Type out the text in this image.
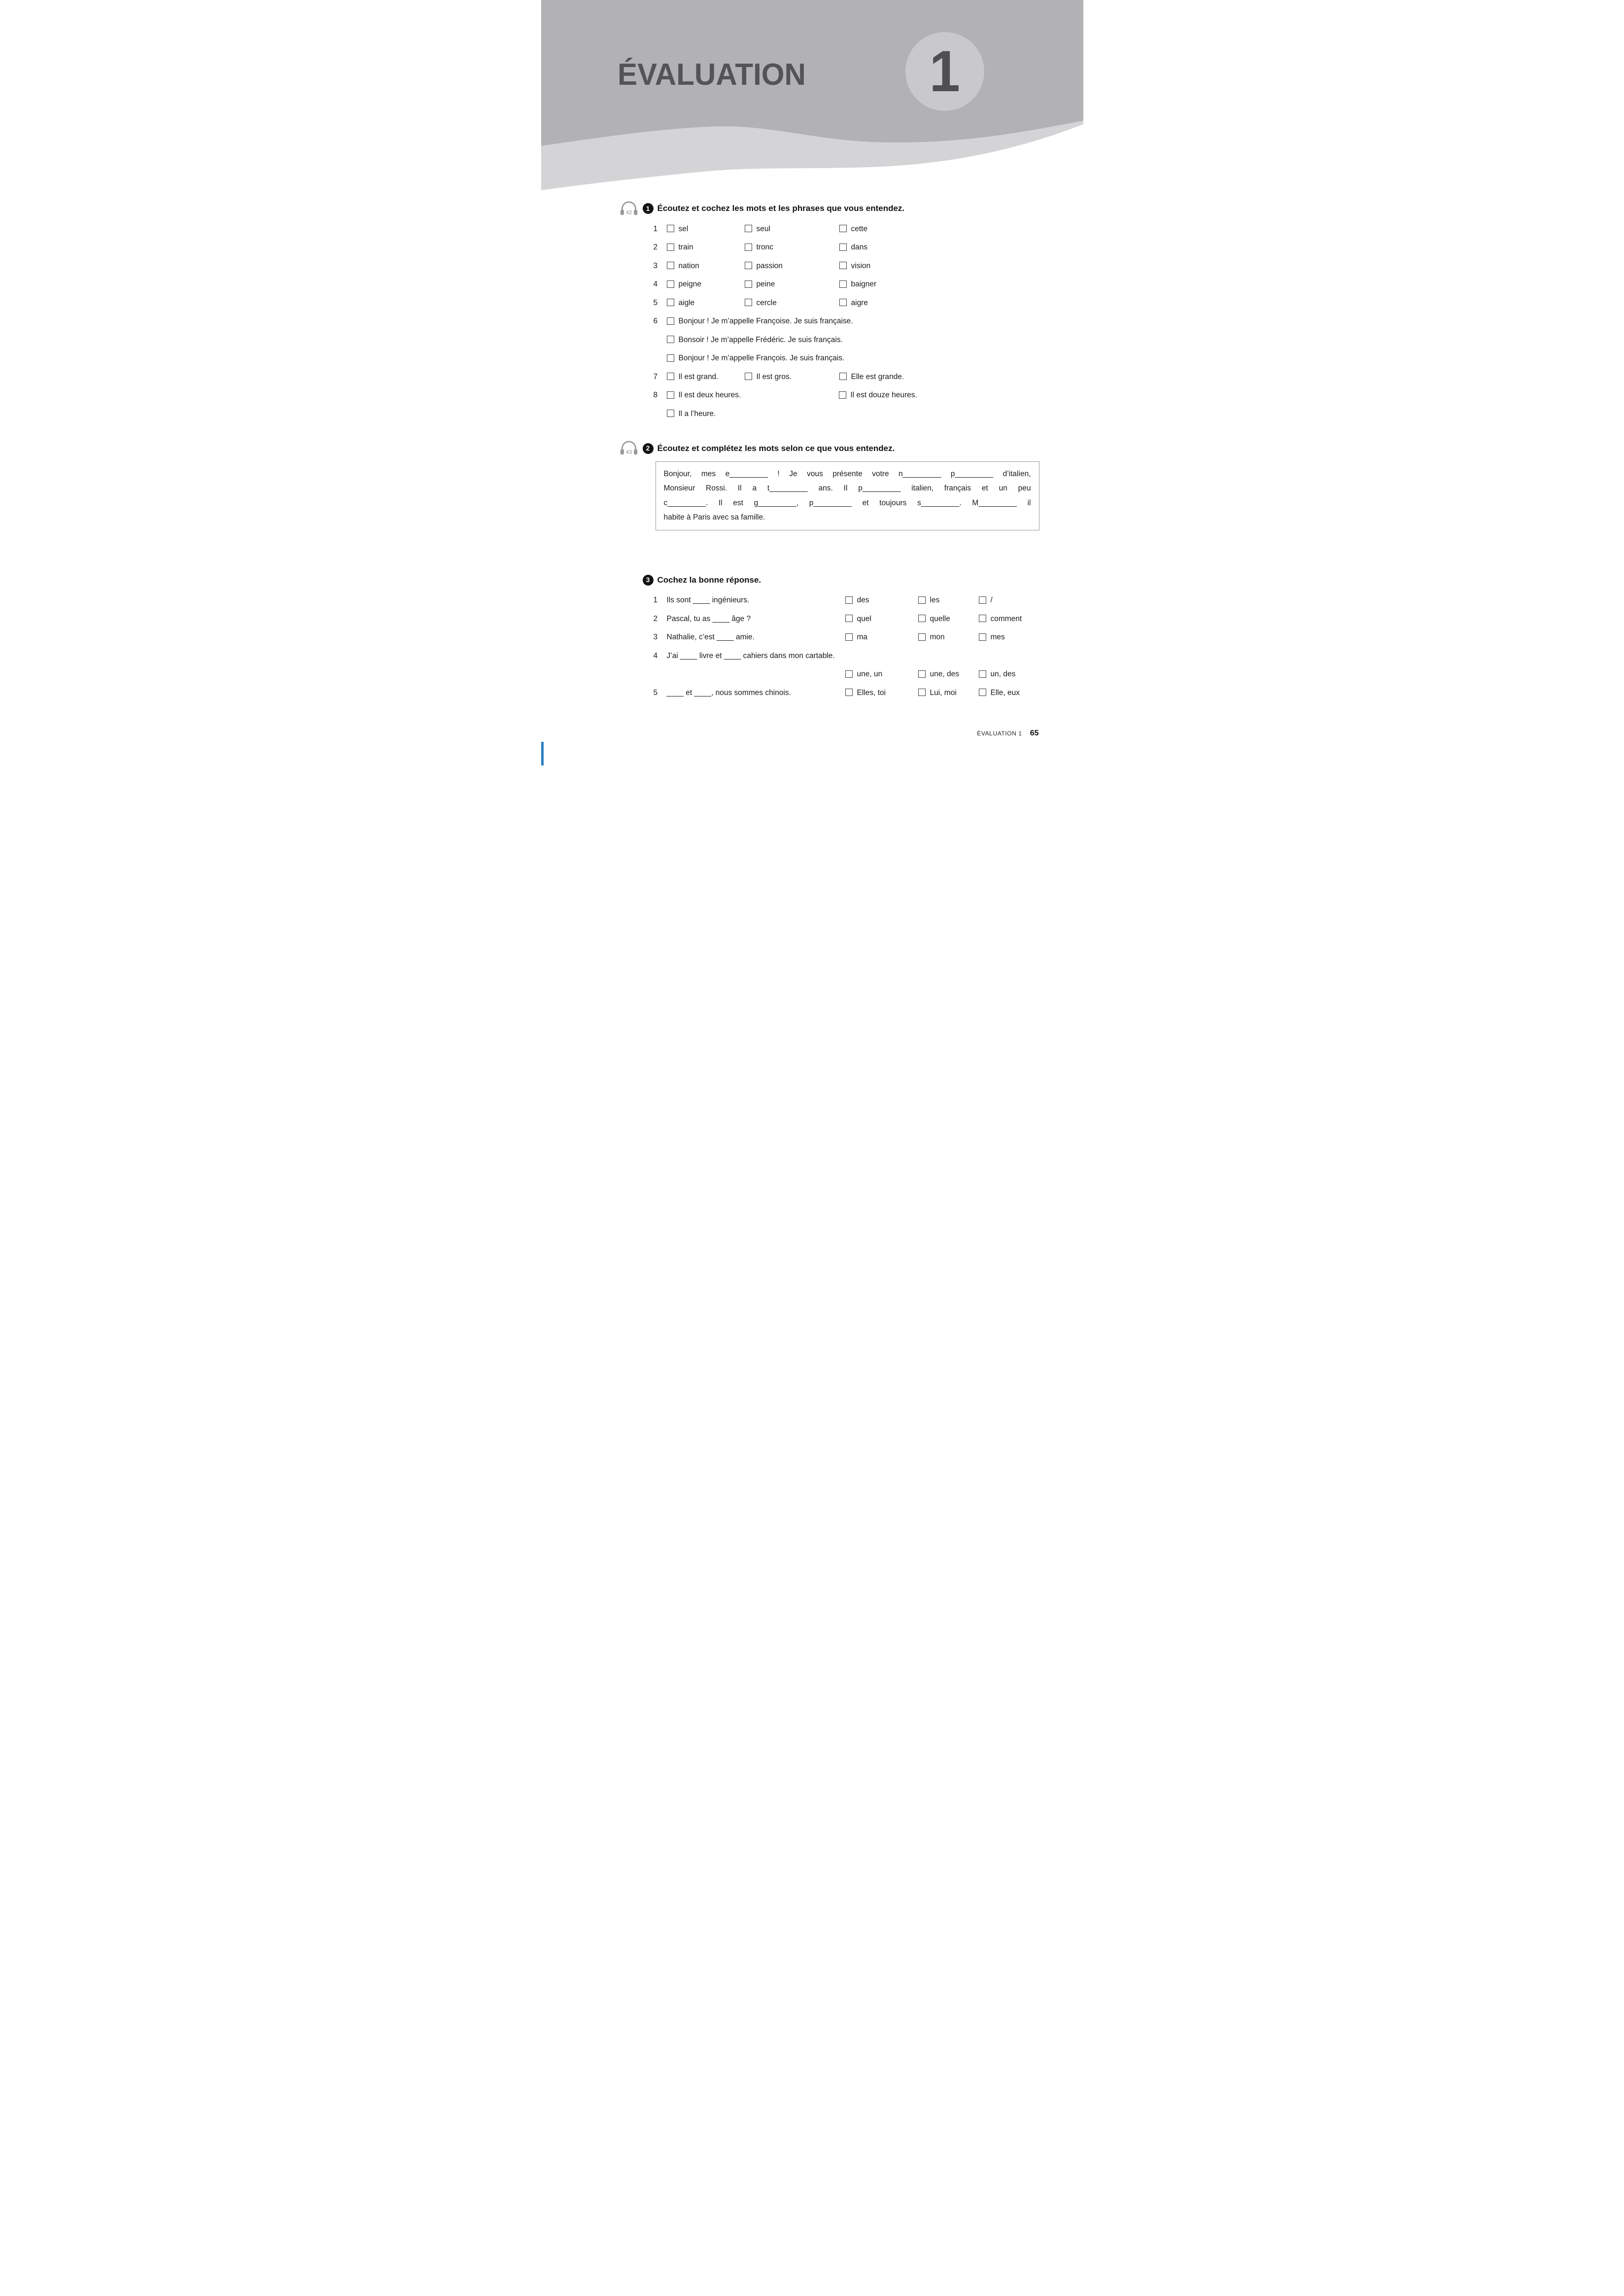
ÉVALUATION 1
42
1 Écoutez et cochez les mots et les phrases que vous entendez.
1	sel	seul	cette
2	train	tronc	dans
3	nation	passion	vision
4	peigne	peine	baigner
5	aigle	cercle	aigre
6	Bonjour ! Je m’appelle Françoise. Je suis française.
Bonsoir ! Je m’appelle Frédéric. Je suis français.
Bonjour ! Je m’appelle François. Je suis français.
7	Il est grand.	Il est gros.	Elle est grande.
8	Il est deux heures.	Il est douze heures.
Il a l’heure.
43
2 Écoutez et complétez les mots selon ce que vous entendez.
Bonjour, mes e_________ ! Je vous présente votre n_________ p_________ d’italien,
Monsieur Rossi. Il a t_________ ans. Il p_________ italien, français et un peu
c_________. Il est g_________, p_________ et toujours s_________. M_________ il
habite à Paris avec sa famille.
3 Cochez la bonne réponse.
1	Ils sont ____ ingénieurs.	des	les	/
2	Pascal, tu as ____ âge ?	quel	quelle	comment
3	Nathalie, c’est ____ amie.	ma	mon	mes
4	J’ai ____ livre et ____ cahiers dans mon cartable.
une, un	une, des	un, des
5	____ et ____, nous sommes chinois.	Elles, toi	Lui, moi	Elle, eux
ÉVALUATION 1 65
